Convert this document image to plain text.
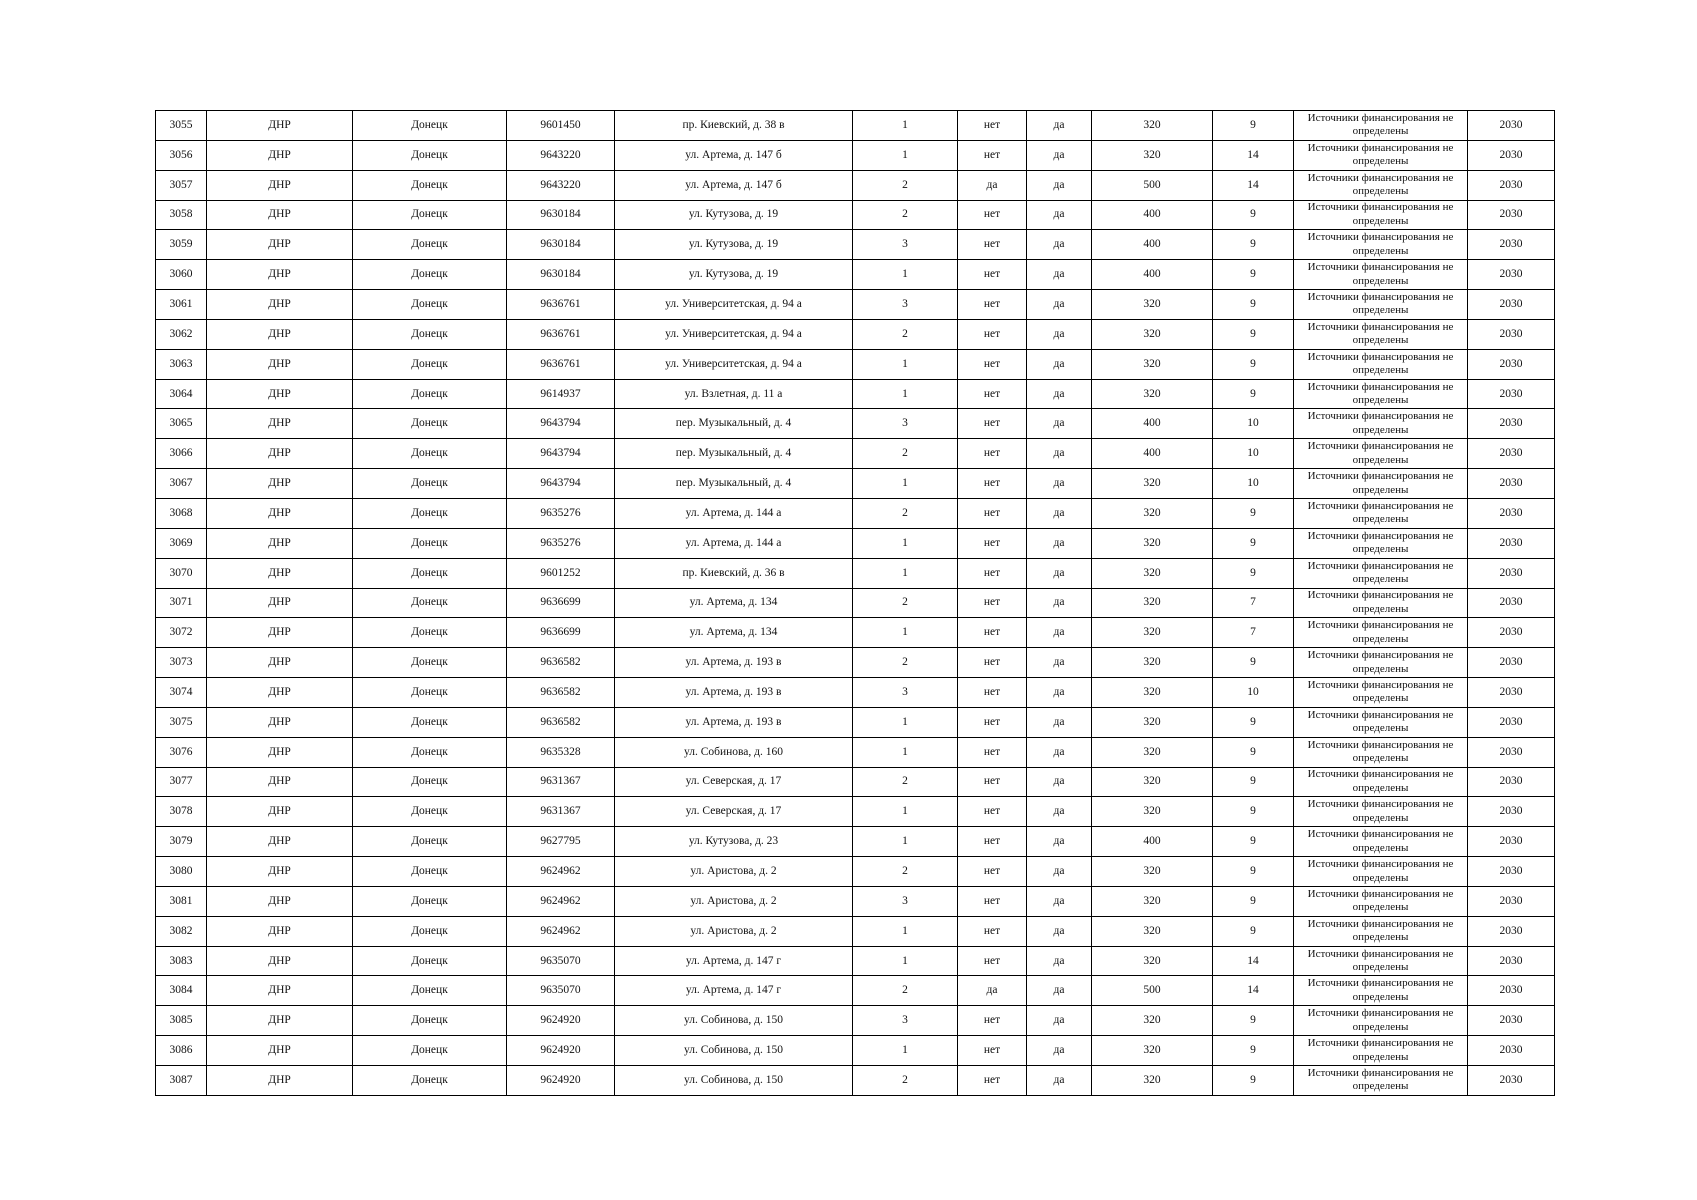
3055	ДНР	Донецк	9601450	пр. Киевский, д. 38 в	1	нет	да	320	9	Источники финансирования не определены	2030
3056	ДНР	Донецк	9643220	ул. Артема, д. 147 б	1	нет	да	320	14	Источники финансирования не определены	2030
3057	ДНР	Донецк	9643220	ул. Артема, д. 147 б	2	да	да	500	14	Источники финансирования не определены	2030
3058	ДНР	Донецк	9630184	ул. Кутузова, д. 19	2	нет	да	400	9	Источники финансирования не определены	2030
3059	ДНР	Донецк	9630184	ул. Кутузова, д. 19	3	нет	да	400	9	Источники финансирования не определены	2030
3060	ДНР	Донецк	9630184	ул. Кутузова, д. 19	1	нет	да	400	9	Источники финансирования не определены	2030
3061	ДНР	Донецк	9636761	ул. Университетская, д. 94 а	3	нет	да	320	9	Источники финансирования не определены	2030
3062	ДНР	Донецк	9636761	ул. Университетская, д. 94 а	2	нет	да	320	9	Источники финансирования не определены	2030
3063	ДНР	Донецк	9636761	ул. Университетская, д. 94 а	1	нет	да	320	9	Источники финансирования не определены	2030
3064	ДНР	Донецк	9614937	ул. Взлетная, д. 11 а	1	нет	да	320	9	Источники финансирования не определены	2030
3065	ДНР	Донецк	9643794	пер. Музыкальный, д. 4	3	нет	да	400	10	Источники финансирования не определены	2030
3066	ДНР	Донецк	9643794	пер. Музыкальный, д. 4	2	нет	да	400	10	Источники финансирования не определены	2030
3067	ДНР	Донецк	9643794	пер. Музыкальный, д. 4	1	нет	да	320	10	Источники финансирования не определены	2030
3068	ДНР	Донецк	9635276	ул. Артема, д. 144 а	2	нет	да	320	9	Источники финансирования не определены	2030
3069	ДНР	Донецк	9635276	ул. Артема, д. 144 а	1	нет	да	320	9	Источники финансирования не определены	2030
3070	ДНР	Донецк	9601252	пр. Киевский, д. 36 в	1	нет	да	320	9	Источники финансирования не определены	2030
3071	ДНР	Донецк	9636699	ул. Артема, д. 134	2	нет	да	320	7	Источники финансирования не определены	2030
3072	ДНР	Донецк	9636699	ул. Артема, д. 134	1	нет	да	320	7	Источники финансирования не определены	2030
3073	ДНР	Донецк	9636582	ул. Артема, д. 193 в	2	нет	да	320	9	Источники финансирования не определены	2030
3074	ДНР	Донецк	9636582	ул. Артема, д. 193 в	3	нет	да	320	10	Источники финансирования не определены	2030
3075	ДНР	Донецк	9636582	ул. Артема, д. 193 в	1	нет	да	320	9	Источники финансирования не определены	2030
3076	ДНР	Донецк	9635328	ул. Собинова, д. 160	1	нет	да	320	9	Источники финансирования не определены	2030
3077	ДНР	Донецк	9631367	ул. Северская, д. 17	2	нет	да	320	9	Источники финансирования не определены	2030
3078	ДНР	Донецк	9631367	ул. Северская, д. 17	1	нет	да	320	9	Источники финансирования не определены	2030
3079	ДНР	Донецк	9627795	ул. Кутузова, д. 23	1	нет	да	400	9	Источники финансирования не определены	2030
3080	ДНР	Донецк	9624962	ул. Аристова, д. 2	2	нет	да	320	9	Источники финансирования не определены	2030
3081	ДНР	Донецк	9624962	ул. Аристова, д. 2	3	нет	да	320	9	Источники финансирования не определены	2030
3082	ДНР	Донецк	9624962	ул. Аристова, д. 2	1	нет	да	320	9	Источники финансирования не определены	2030
3083	ДНР	Донецк	9635070	ул. Артема, д. 147 г	1	нет	да	320	14	Источники финансирования не определены	2030
3084	ДНР	Донецк	9635070	ул. Артема, д. 147 г	2	да	да	500	14	Источники финансирования не определены	2030
3085	ДНР	Донецк	9624920	ул. Собинова, д. 150	3	нет	да	320	9	Источники финансирования не определены	2030
3086	ДНР	Донецк	9624920	ул. Собинова, д. 150	1	нет	да	320	9	Источники финансирования не определены	2030
3087	ДНР	Донецк	9624920	ул. Собинова, д. 150	2	нет	да	320	9	Источники финансирования не определены	2030
